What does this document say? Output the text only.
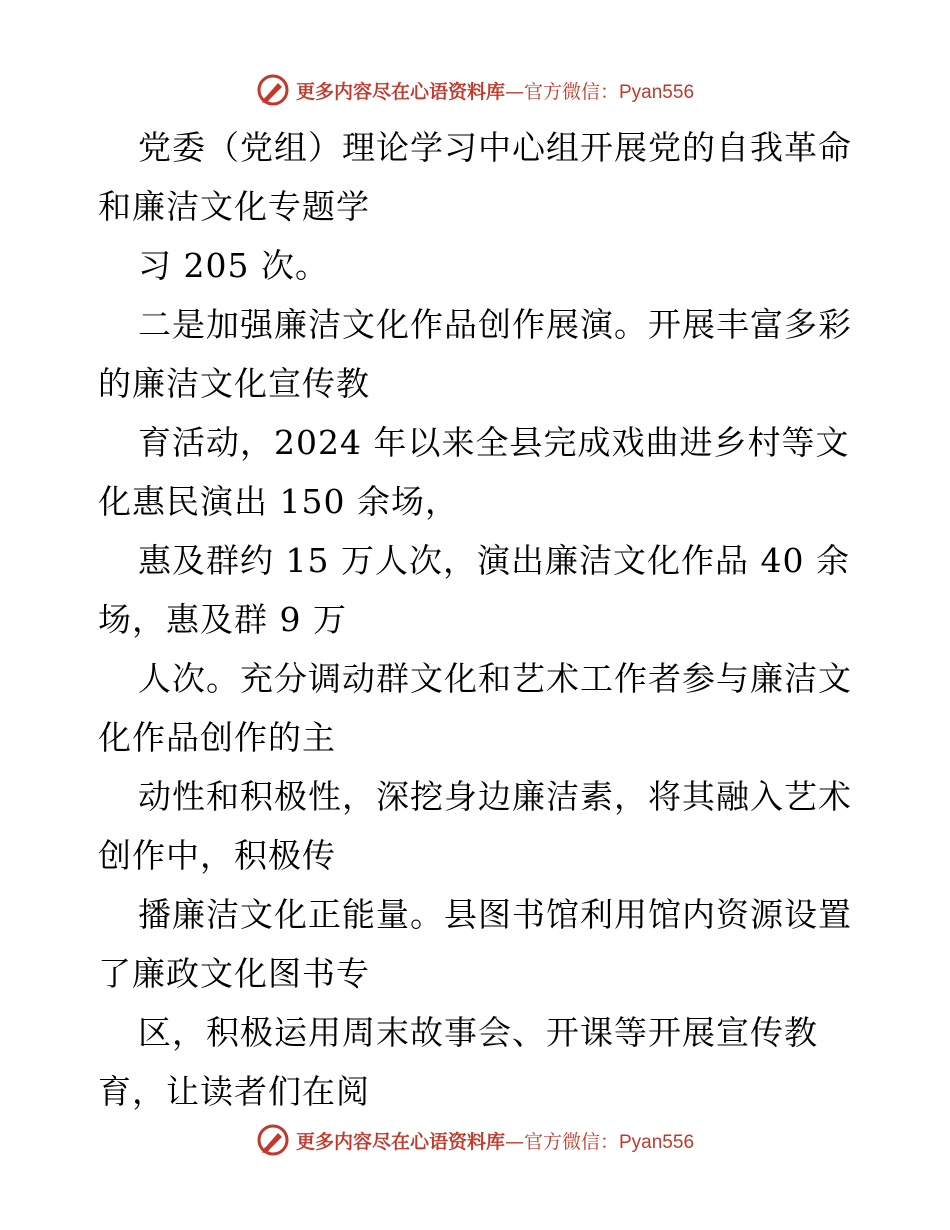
更多内容尽在心语资料库—官方微信：Pyan556
党委（党组）理论学习中心组开展党的自我革命
和廉洁文化专题学
习 205 次。
二是加强廉洁文化作品创作展演。开展丰富多彩
的廉洁文化宣传教
育活动，2024 年以来全县完成戏曲进乡村等文
化惠民演出 150 余场，
惠及群约 15 万人次，演出廉洁文化作品 40 余
场，惠及群 9 万
人次。充分调动群文化和艺术工作者参与廉洁文
化作品创作的主
动性和积极性，深挖身边廉洁素，将其融入艺术
创作中，积极传
播廉洁文化正能量。县图书馆利用馆内资源设置
了廉政文化图书专
区，积极运用周末故事会、开课等开展宣传教
育，让读者们在阅
更多内容尽在心语资料库—官方微信：Pyan556
